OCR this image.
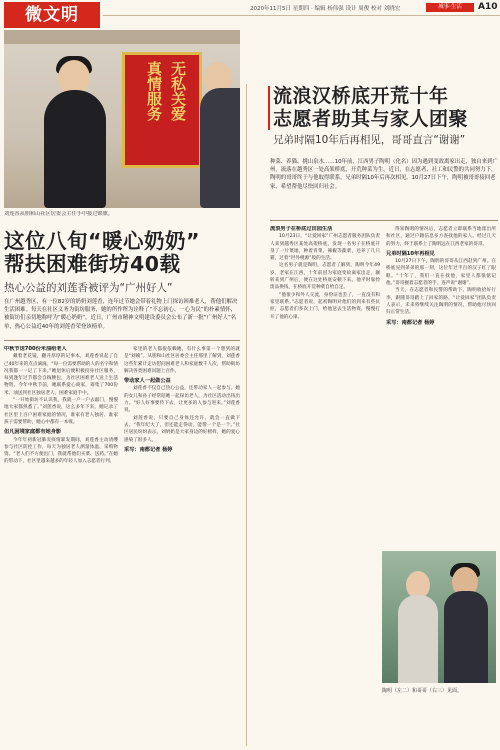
微文明	2020年11月5日 星期四 · 编辑 杨伟强 设计 周俊 校对 刘晓宏	城事·生活	A10
无私关爱
真情服务
刘莲香从朋和山社区居委会主任手中接过锦旗。
这位八旬“暖心奶奶”
帮扶困难街坊40载
热心公益的刘莲香被评为“广州好人”
在广州越秀区，有一位82岁的奶奶刘莲香，连年过节她会带着礼物上门探访困难老人，帮他们解决生活困难。每天在社区义务为街坊服务，她的所作所为诠释了“不忘初心、一心为民”的朴素情怀，被街坊们亲切地称呼为“暖心奶奶”。近日，广州市精神文明建设委员会公布了新一批“广州好人”名单，热心公益近40年的刘莲香荣登该榜单。
中秋节送700份米油给老人

戴着老花镜，翻开厚厚的记事本，刘莲香说起了自己40年来的点点滴滴。“每一位需要帮助的人的名字和情况我都一一记了下来。”她退休后便积极投身社区服务，每到逢年过节都会自掏腰包，为社区困难老人送上生活物资。今年中秋节前，她联系爱心商家，筹集了700份米、油送到社区独居老人、困难家庭手中。

“一开始街坊不认识我，我就一户一户去敲门，慢慢地大家都熟悉了。”刘莲香说，这么多年下来，她记录了社区里上百户困难家庭的情况，谁家有老人独居、谁家孩子需要帮助，她心中都有一本账。

但凡困境家庭都有她身影

今年年初新冠肺炎疫情暴发期间，刘莲香主动请缨参与社区防控工作，每天为独居老人测量体温、采购物资。“老人们不方便出门，我就帮他们买菜、送药。”在她的带动下，社区里越来越多的年轻人加入志愿者行列。

家里的老人都很依赖她，有什么事第一个想到的就是“刘姨”。从朋和山社区居委会主任那里了解到，刘莲香这些年累计走访慰问困难老人和家庭数千人次，帮助街坊解决各类困难问题上百件。

带动家人一起做公益

刘莲香不仅自己热心公益，还带动家人一起参与。她的女儿和孙子经常陪她一起探访老人，为社区活动出钱出力。“好人好事要传下去，让更多的人参与进来。”刘莲香说。

刘莲香说，只要自己身体还允许，就会一直做下去。“我年纪大了，但还能走得动，能帮一个是一个。”社区居民纷纷表示，刘奶奶是大家身边的好榜样，她的爱心感染了很多人。

采写：南都记者 杨婷
流浪汉桥底开荒十年
志愿者助其与家人团聚
兄弟时隔10年后再相见，哥哥直言“谢谢”
种菜、养猫、挑山泉水……10年前，江西男子陶明（化名）因为遇到变故离家出走，独自来到广州，流落在越秀区一处高架桥底，开荒种菜为生。近日，在志愿者、社工和民警的共同努力下，陶明的哥哥终于与他取得联系，兄弟时隔10年后再次相见。10月27日下午，陶明被哥哥接回老家，希望帮他尽快回归社会。
流浪男子在桥底过田园生活

10月23日，“让爱回家”广州志愿者服务团队负责人来到越秀区某处高架桥底，发现一名男子在桥底开垦了一片菜地，种着青菜、辣椒等蔬菜，还养了几只猫，过着“世外桃源”般的生活。

这名男子就是陶明。志愿者了解到，陶明今年49岁，老家在江西，十年前因为家庭变故离家出走，辗转来到广州后，便在这处桥底安顿下来。他平时靠捡废品换钱，在桥底开荒种菜自给自足。

“他很少和外人交流，身份证也丢了，一直没有和家里联系。”志愿者说，起初陶明对他们的到来有些抗拒，志愿者们多次上门，给他送去生活物资，慢慢打开了他的心扉。

得知陶明的情况后，志愿者立即联系当地派出所和社区，通过户籍信息多方查找他的家人。经过几天的努力，终于联系上了陶明远在江西老家的哥哥。

兄弟时隔10年再相见

10月27日下午，陶明的哥哥从江西赶到广州。在桥底见到弟弟的那一刻，这位年过半百的汉子红了眼眶。“十年了，我们一直在找他，家里人都很惦记他。”哥哥握着志愿者的手，连声说“谢谢”。

当天，在志愿者和民警的帮助下，陶明收拾好行李，跟随哥哥踏上了回家的路。“让爱回家”团队负责人表示，未来将继续关注陶明的情况，帮助他尽快回归正常生活。

采写：南都记者 杨婷
陶明（左二）和哥哥（右三）见面。
